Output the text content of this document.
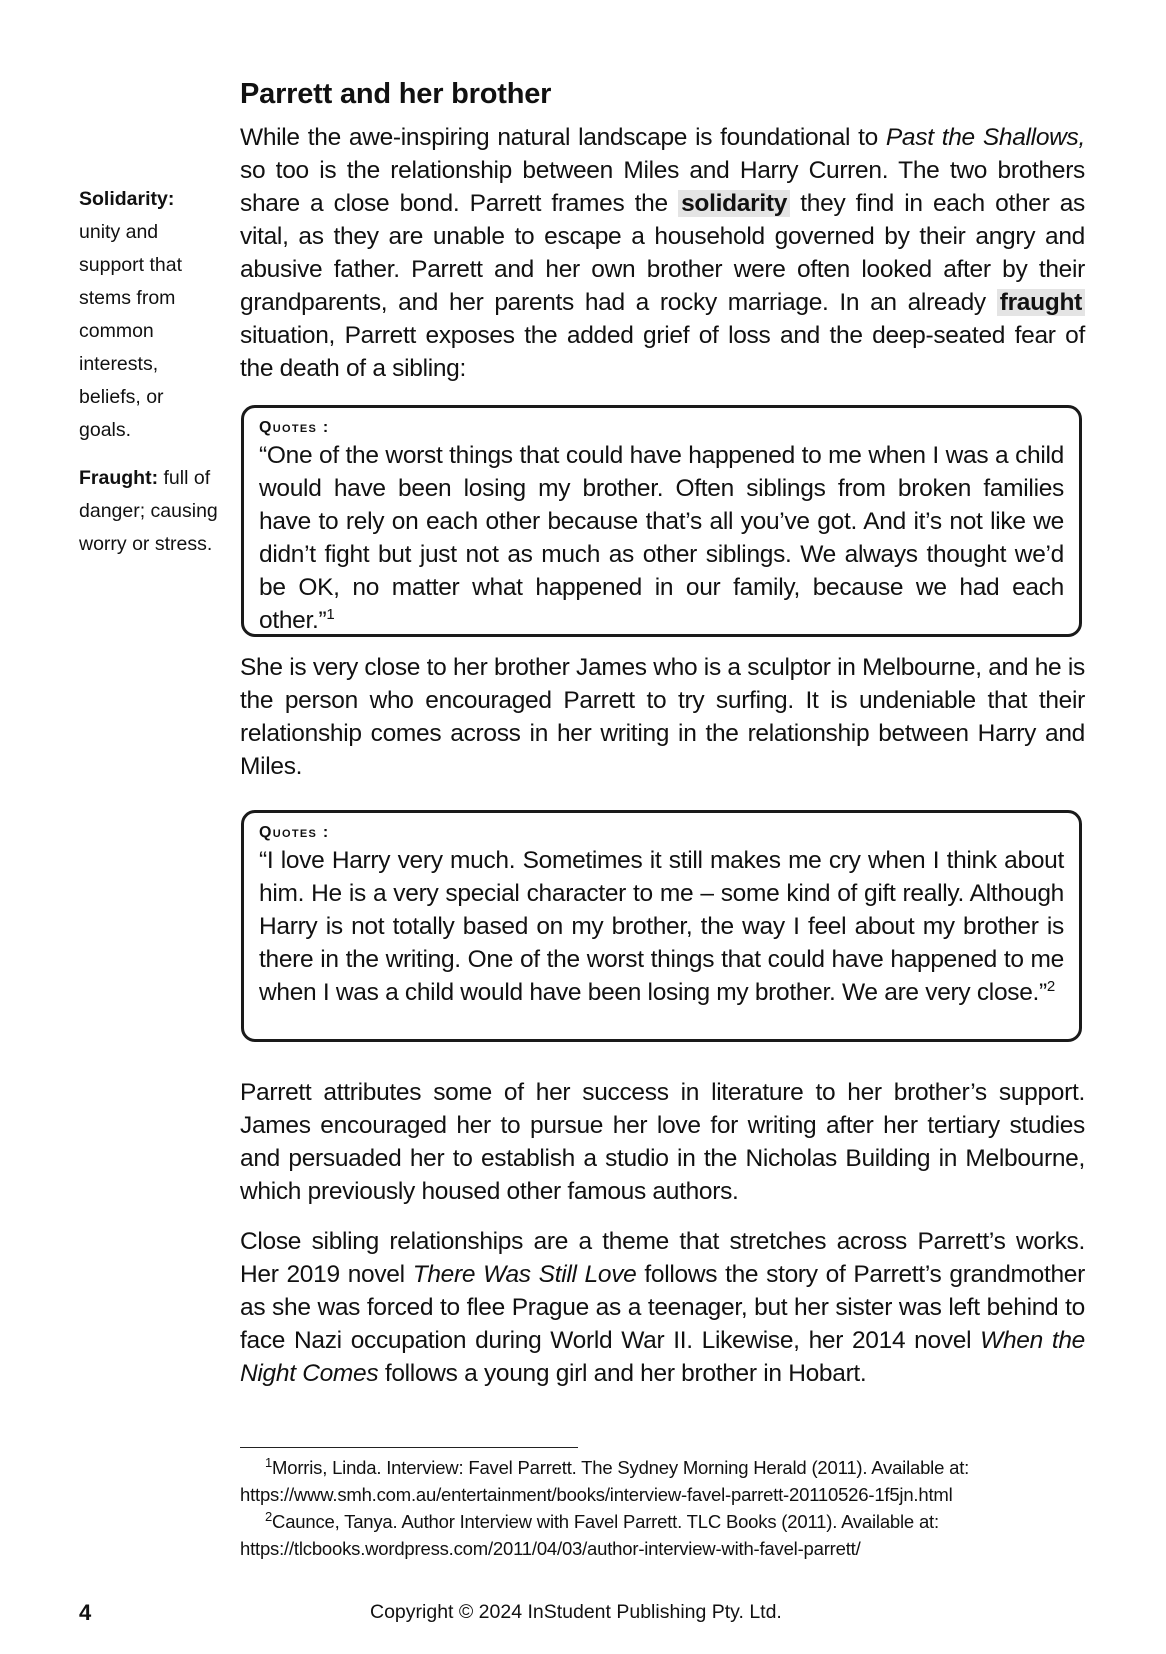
Parrett and her brother
Solidarity: unity and support that stems from common interests, beliefs, or goals.
Fraught: full of danger; causing worry or stress.

While the awe-inspiring natural landscape is foundational to Past the Shallows, so too is the relationship between Miles and Harry Curren. The two brothers share a close bond. Parrett frames the solidarity they find in each other as vital, as they are unable to escape a household governed by their angry and abusive father. Parrett and her own brother were often looked after by their grandparents, and her parents had a rocky marriage. In an already fraught situation, Parrett exposes the added grief of loss and the deep-seated fear of the death of a sibling:

Quotes :

“One of the worst things that could have happened to me when I was a child would have been losing my brother. Often siblings from broken families have to rely on each other because that’s all you’ve got. And it’s not like we didn’t fight but just not as much as other siblings. We always thought we’d be OK, no matter what happened in our family, because we had each other.”$^1$

She is very close to her brother James who is a sculptor in Melbourne, and he is the person who encouraged Parrett to try surfing. It is undeniable that their relationship comes across in her writing in the relationship between Harry and Miles.

Quotes :

“I love Harry very much. Sometimes it still makes me cry when I think about him. He is a very special character to me – some kind of gift really. Although Harry is not totally based on my brother, the way I feel about my brother is there in the writing. One of the worst things that could have happened to me when I was a child would have been losing my brother. We are very close.”$^2$

Parrett attributes some of her success in literature to her brother’s support. James encouraged her to pursue her love for writing after her tertiary studies and persuaded her to establish a studio in the Nicholas Building in Melbourne, which previously housed other famous authors.

Close sibling relationships are a theme that stretches across Parrett’s works. Her 2019 novel There Was Still Love follows the story of Parrett’s grandmother as she was forced to flee Prague as a teenager, but her sister was left behind to face Nazi occupation during World War II. Likewise, her 2014 novel When the Night Comes follows a young girl and her brother in Hobart.

$^1$Morris, Linda. Interview: Favel Parrett. The Sydney Morning Herald (2011). Available at:
https://www.smh.com.au/entertainment/books/interview-favel-parrett-20110526-1f5jn.html

$^2$Caunce, Tanya. Author Interview with Favel Parrett. TLC Books (2011). Available at:
https://tlcbooks.wordpress.com/2011/04/03/author-interview-with-favel-parrett/

4	Copyright © 2024 InStudent Publishing Pty. Ltd.
